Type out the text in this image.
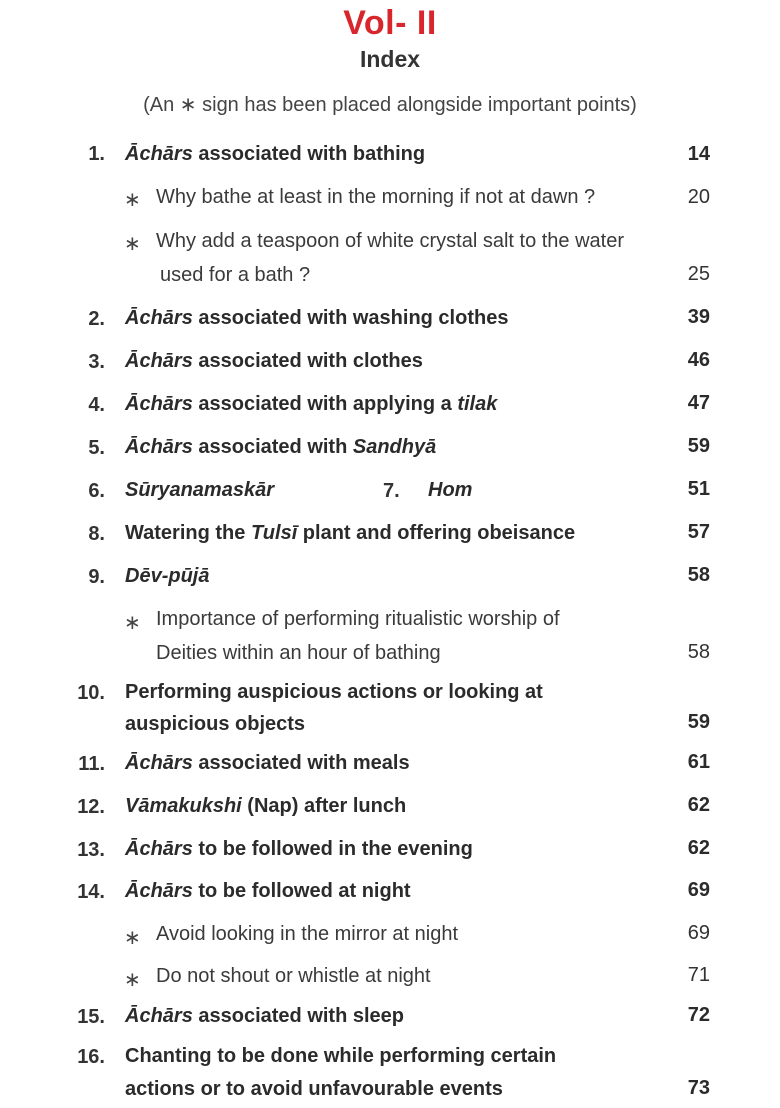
Vol- II
Index
(An ∗ sign has been placed alongside important points)
1. Āchārs associated with bathing	14
∗ Why bathe at least in the morning if not at dawn ?	20
∗ Why add a teaspoon of white crystal salt to the water
used for a bath ?	25
2. Āchārs associated with washing clothes	39
3. Āchārs associated with clothes	46
4. Āchārs associated with applying a tilak	47
5. Āchārs associated with Sandhyā	59
6. Sūryanamaskār	7. Hom	51
8. Watering the Tulsī plant and offering obeisance	57
9. Dēv-pūjā	58
∗ Importance of performing ritualistic worship of
Deities within an hour of bathing	58
10. Performing auspicious actions or looking at
auspicious objects	59
11. Āchārs associated with meals	61
12. Vāmakukshi (Nap) after lunch	62
13. Āchārs to be followed in the evening	62
14. Āchārs to be followed at night	69
∗ Avoid looking in the mirror at night	69
∗ Do not shout or whistle at night	71
15. Āchārs associated with sleep	72
16. Chanting to be done while performing certain
actions or to avoid unfavourable events	73
